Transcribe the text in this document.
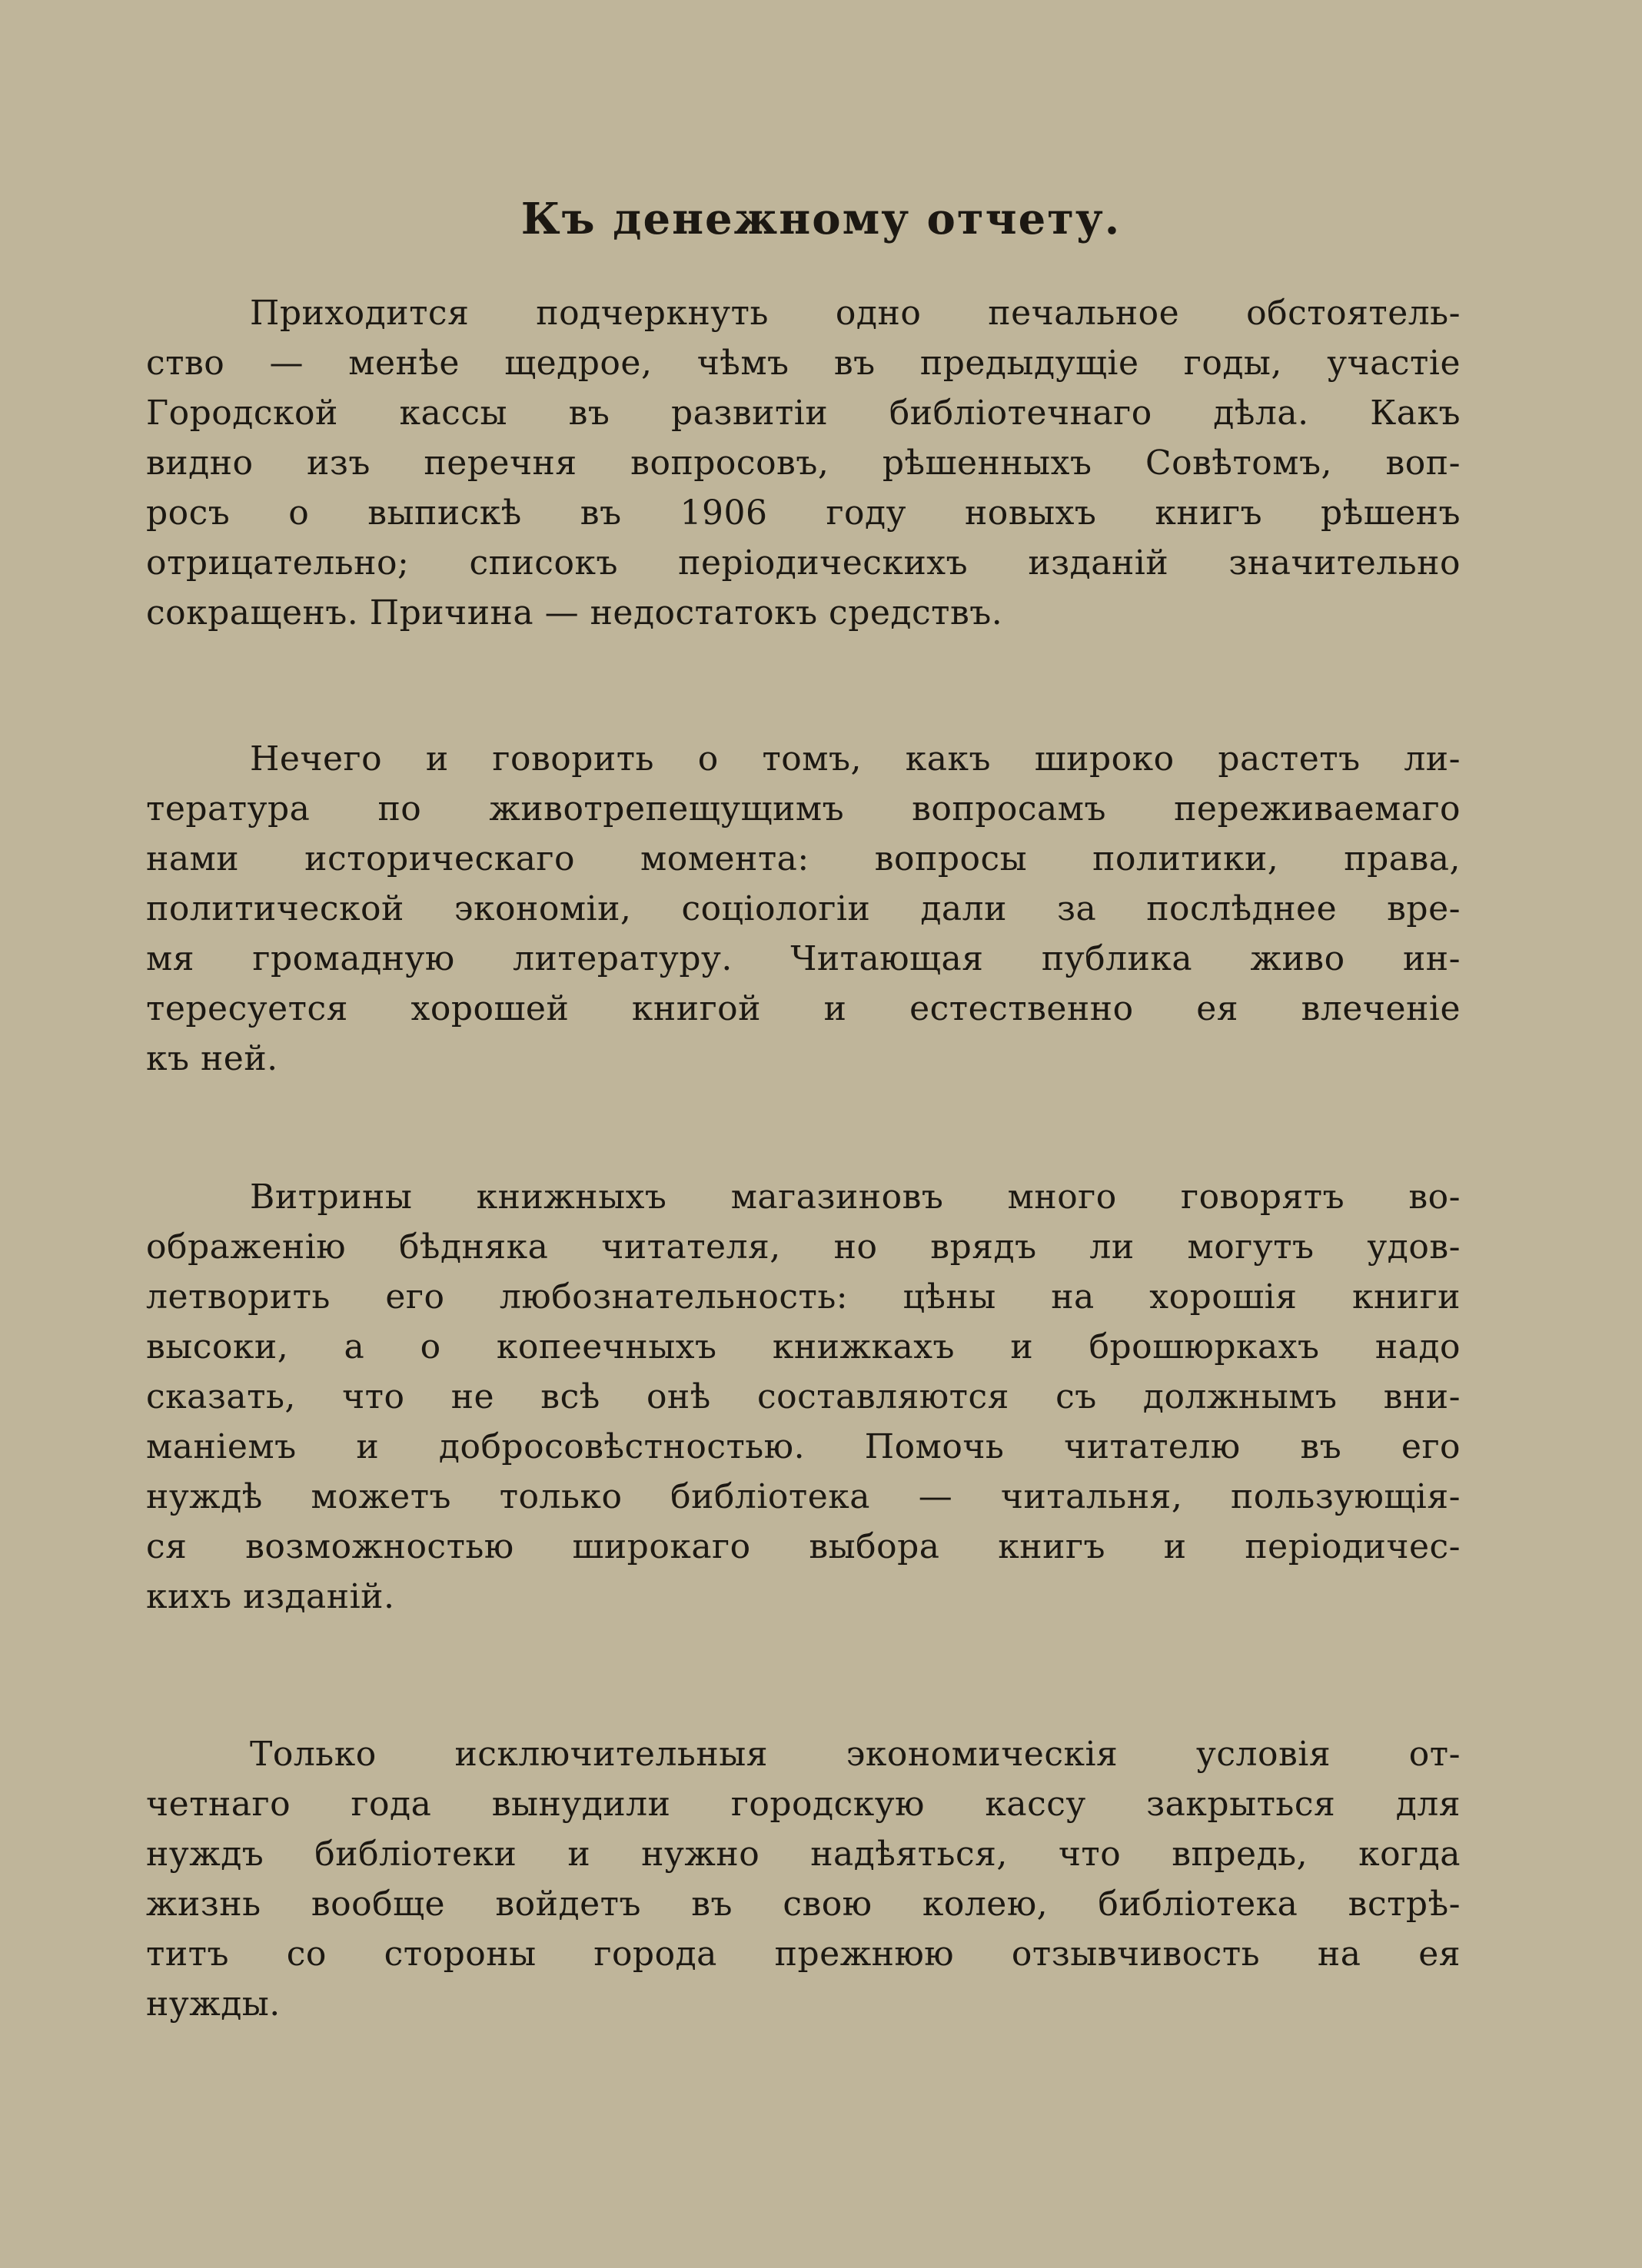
Къ денежному отчету.
Приходится подчеркнуть одно печальное обстоятель-
ство — менѣе щедрое, чѣмъ въ предыдущіе годы, участіе
Городской кассы въ развитіи библіотечнаго дѣла. Какъ
видно изъ перечня вопросовъ, рѣшенныхъ Совѣтомъ, воп-
росъ о выпискѣ въ 1906 году новыхъ книгъ рѣшенъ
отрицательно; списокъ періодическихъ изданій значительно
сокращенъ. Причина — недостатокъ средствъ.
Нечего и говорить о томъ, какъ широко растетъ ли-
тература по животрепещущимъ вопросамъ переживаемаго
нами историческаго момента: вопросы политики, права,
политической экономіи, соціологіи дали за послѣднее вре-
мя громадную литературу. Читающая публика живо ин-
тересуется хорошей книгой и естественно ея влеченіе
къ ней.
Витрины книжныхъ магазиновъ много говорятъ во-
ображенію бѣдняка читателя, но врядъ ли могутъ удов-
летворить его любознательность: цѣны на хорошія книги
высоки, а о копеечныхъ книжкахъ и брошюркахъ надо
сказать, что не всѣ онѣ составляются съ должнымъ вни-
маніемъ и добросовѣстностью. Помочь читателю въ его
нуждѣ можетъ только библіотека — читальня, пользующія-
ся возможностью широкаго выбора книгъ и періодичес-
кихъ изданій.
Только исключительныя экономическія условія от-
четнаго года вынудили городскую кассу закрыться для
нуждъ библіотеки и нужно надѣяться, что впредь, когда
жизнь вообще войдетъ въ свою колею, библіотека встрѣ-
титъ со стороны города прежнюю отзывчивость на ея
нужды.
